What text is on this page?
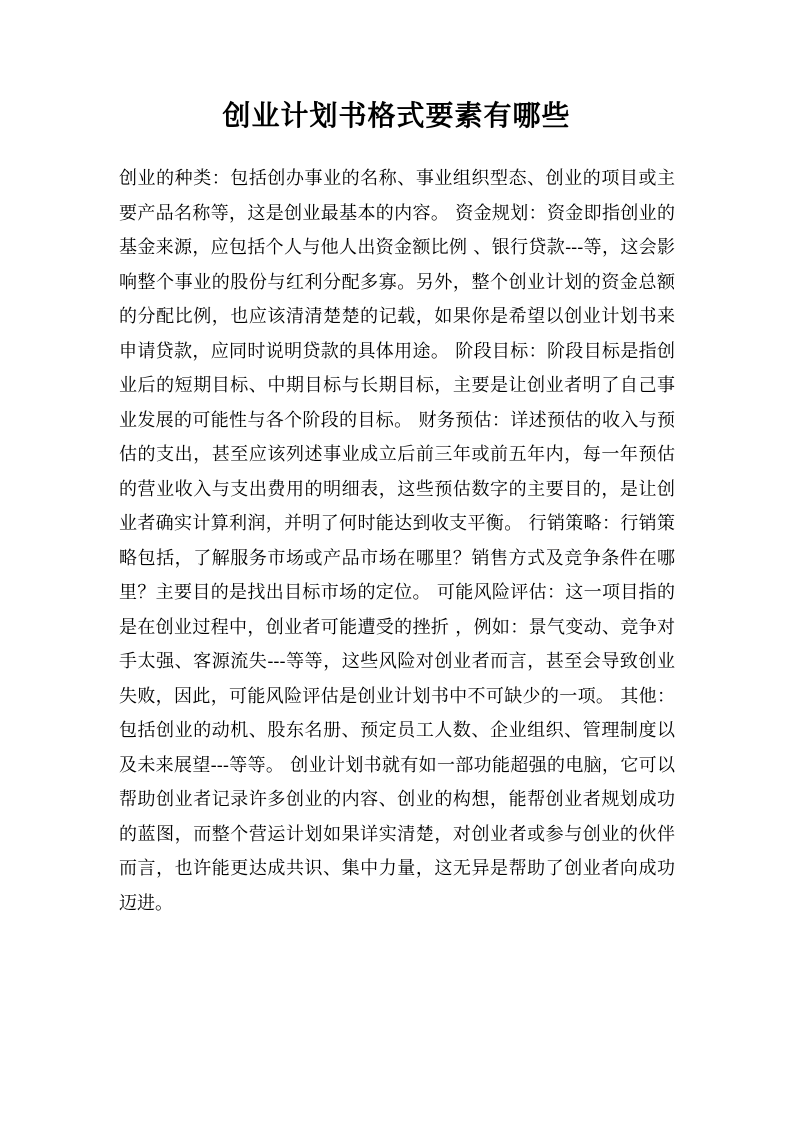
创业计划书格式要素有哪些

创业的种类：包括创办事业的名称、事业组织型态、创业的项目或主要产品名称等，这是创业最基本的内容。 资金规划：资金即指创业的基金来源，应包括个人与他人出资金额比例 、银行贷款---等，这会影响整个事业的股份与红利分配多寡。另外，整个创业计划的资金总额的分配比例，也应该清清楚楚的记载，如果你是希望以创业计划书来申请贷款，应同时说明贷款的具体用途。 阶段目标：阶段目标是指创业后的短期目标、中期目标与长期目标，主要是让创业者明了自己事业发展的可能性与各个阶段的目标。 财务预估：详述预估的收入与预估的支出，甚至应该列述事业成立后前三年或前五年内，每一年预估的营业收入与支出费用的明细表，这些预估数字的主要目的，是让创业者确实计算利润，并明了何时能达到收支平衡。 行销策略：行销策略包括，了解服务市场或产品市场在哪里？销售方式及竞争条件在哪里？主要目的是找出目标市场的定位。 可能风险评估：这一项目指的是在创业过程中，创业者可能遭受的挫折 ，例如：景气变动、竞争对手太强、客源流失---等等，这些风险对创业者而言，甚至会导致创业失败，因此，可能风险评估是创业计划书中不可缺少的一项。 其他：包括创业的动机、股东名册、预定员工人数、企业组织、管理制度以及未来展望---等等。 创业计划书就有如一部功能超强的电脑，它可以帮助创业者记录许多创业的内容、创业的构想，能帮创业者规划成功的蓝图，而整个营运计划如果详实清楚，对创业者或参与创业的伙伴而言，也许能更达成共识、集中力量，这无异是帮助了创业者向成功迈进。
